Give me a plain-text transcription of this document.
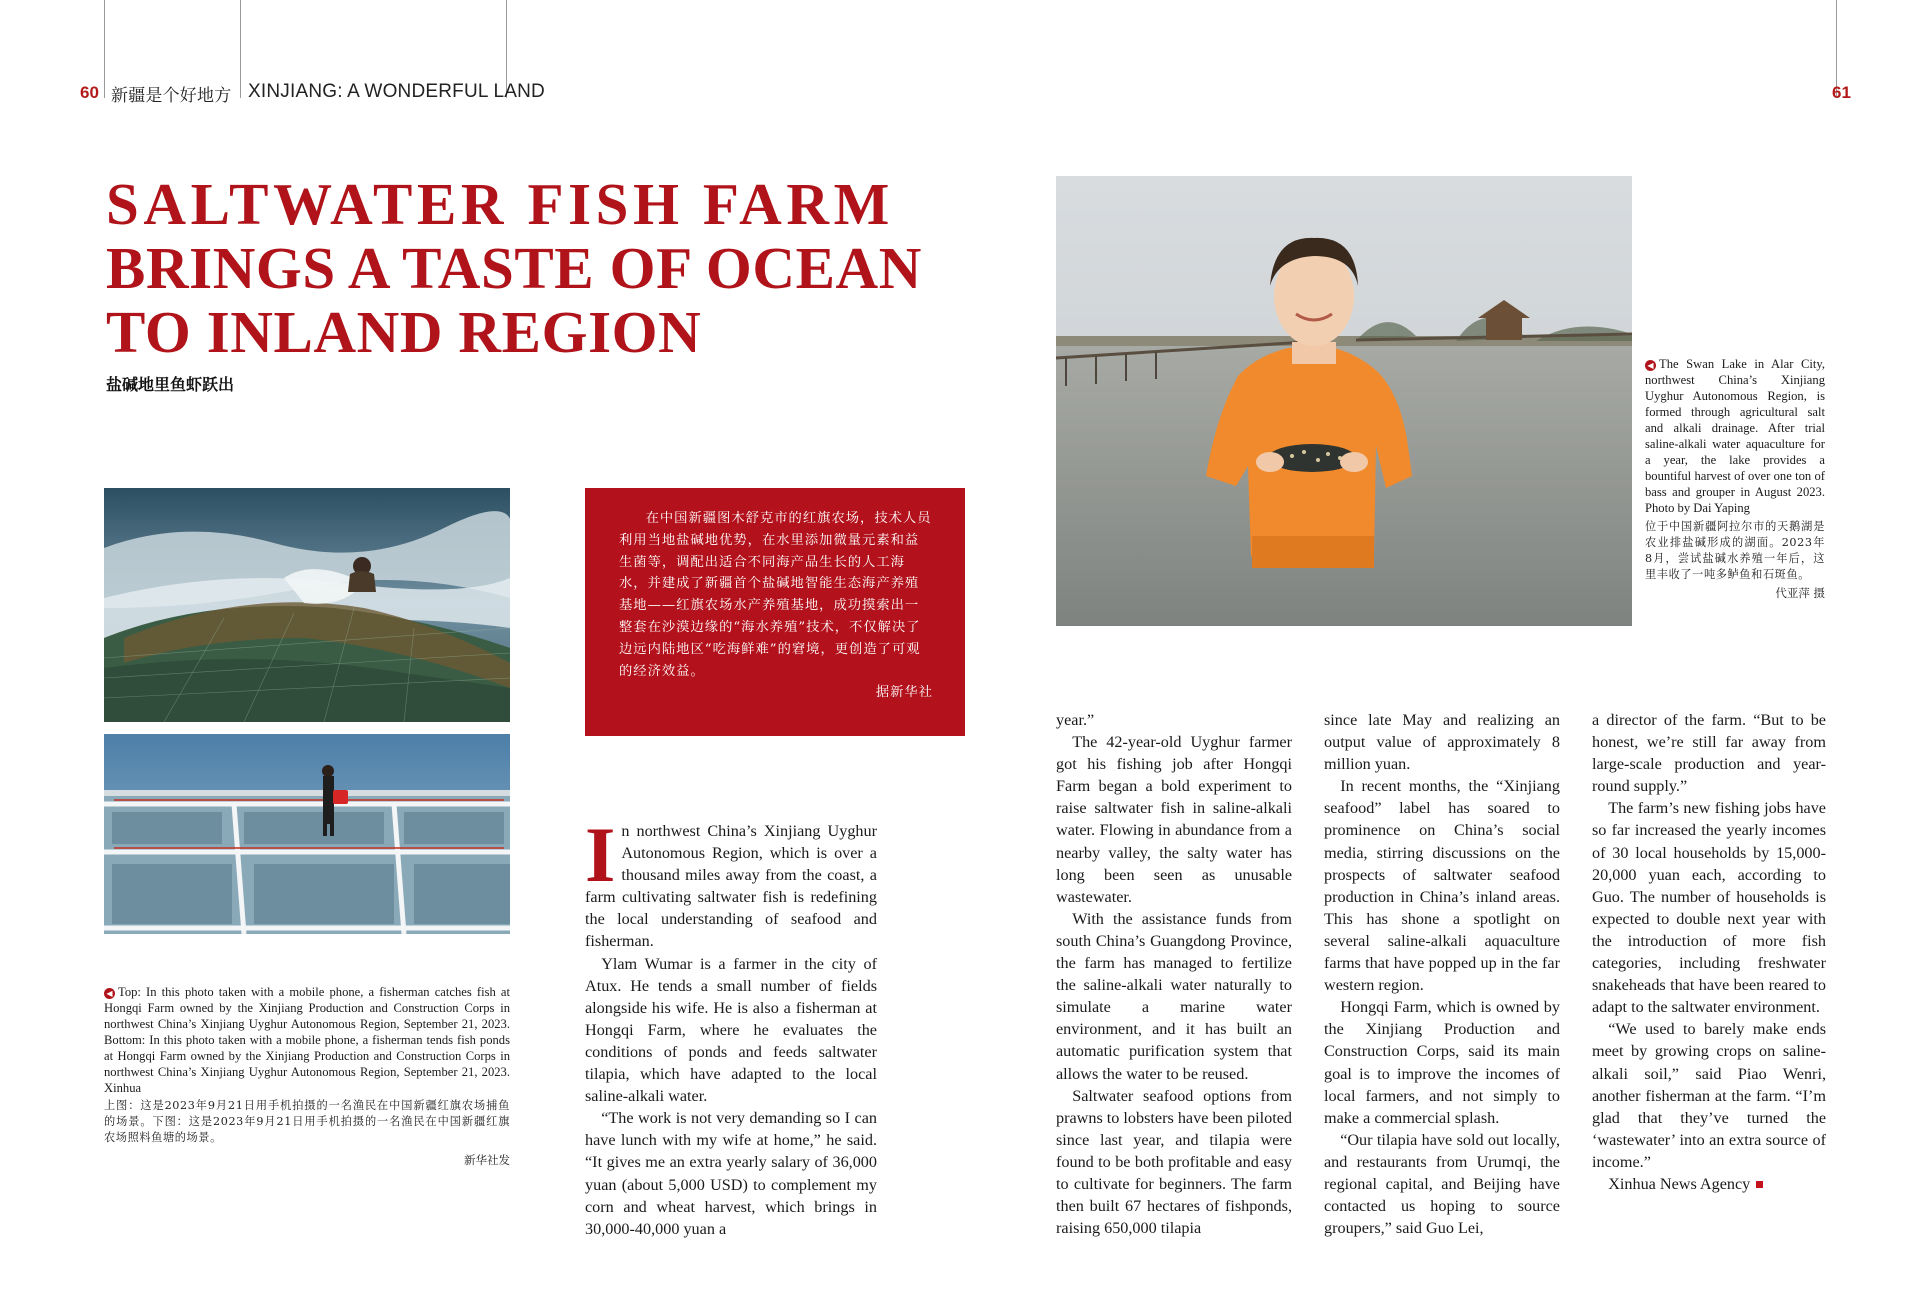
60 新疆是个好地方 XINJIANG: A WONDERFUL LAND	61
SALTWATER FISH FARM
BRINGS A TASTE OF OCEAN
TO INLAND REGION
盐碱地里鱼虾跃出
◀ Top: In this photo taken with a mobile phone, a fisherman catches fish at Hongqi Farm owned by the Xinjiang Production and Construction Corps in northwest China’s Xinjiang Uyghur Autonomous Region, September 21, 2023. Bottom: In this photo taken with a mobile phone, a fisherman tends fish ponds at Hongqi Farm owned by the Xinjiang Production and Construction Corps in northwest China’s Xinjiang Uyghur Autonomous Region, September 21, 2023. Xinhua
上图：这是2023年9月21日用手机拍摄的一名渔民在中国新疆红旗农场捕鱼的场景。下图：这是2023年9月21日用手机拍摄的一名渔民在中国新疆红旗农场照料鱼塘的场景。
新华社发

在中国新疆图木舒克市的红旗农场，技术人员利用当地盐碱地优势，在水里添加微量元素和益生菌等，调配出适合不同海产品生长的人工海水，并建成了新疆首个盐碱地智能生态海产养殖基地——红旗农场水产养殖基地，成功摸索出一整套在沙漠边缘的“海水养殖”技术，不仅解决了边远内陆地区“吃海鲜难”的窘境，更创造了可观的经济效益。

据新华社

◀ The Swan Lake in Alar City, northwest China’s Xinjiang Uyghur Autonomous Region, is formed through agricultural salt and alkali drainage. After trial saline-alkali water aquaculture for a year, the lake provides a bountiful harvest of over one ton of bass and grouper in August 2023. Photo by Dai Yaping
位于中国新疆阿拉尔市的天鹅湖是农业排盐碱形成的湖面。2023年8月，尝试盐碱水养殖一年后，这里丰收了一吨多鲈鱼和石斑鱼。
代亚萍 摄

In northwest China’s Xinjiang Uyghur Autonomous Region, which is over a thousand miles away from the coast, a farm cultivating saltwater fish is redefining the local understanding of seafood and fisherman.

Ylam Wumar is a farmer in the city of Atux. He tends a small number of fields alongside his wife. He is also a fisherman at Hongqi Farm, where he evaluates the conditions of ponds and feeds saltwater tilapia, which have adapted to the local saline-alkali water.

“The work is not very demanding so I can have lunch with my wife at home,” he said. “It gives me an extra yearly salary of 36,000 yuan (about 5,000 USD) to complement my corn and wheat harvest, which brings in 30,000-40,000 yuan a

year.”

The 42-year-old Uyghur farmer got his fishing job after Hongqi Farm began a bold experiment to raise saltwater fish in saline-alkali water. Flowing in abundance from a nearby valley, the salty water has long been seen as unusable wastewater.

With the assistance funds from south China’s Guangdong Province, the farm has managed to fertilize the saline-alkali water naturally to simulate a marine water environment, and it has built an automatic purification system that allows the water to be reused.

Saltwater seafood options from prawns to lobsters have been piloted since last year, and tilapia were found to be both profitable and easy to cultivate for beginners. The farm then built 67 hectares of fishponds, raising 650,000 tilapia

since late May and realizing an output value of approximately 8 million yuan.

In recent months, the “Xinjiang seafood” label has soared to prominence on China’s social media, stirring discussions on the prospects of saltwater seafood production in China’s inland areas. This has shone a spotlight on several saline-alkali aquaculture farms that have popped up in the far western region.

Hongqi Farm, which is owned by the Xinjiang Production and Construction Corps, said its main goal is to improve the incomes of local farmers, and not simply to make a commercial splash.

“Our tilapia have sold out locally, and restaurants from Urumqi, the regional capital, and Beijing have contacted us hoping to source groupers,” said Guo Lei,

a director of the farm. “But to be honest, we’re still far away from large-scale production and year-round supply.”

The farm’s new fishing jobs have so far increased the yearly incomes of 30 local households by 15,000-20,000 yuan each, according to Guo. The number of households is expected to double next year with the introduction of more fish categories, including freshwater snakeheads that have been reared to adapt to the saltwater environment.

“We used to barely make ends meet by growing crops on saline-alkali soil,” said Piao Wenri, another fisherman at the farm. “I’m glad that they’ve turned the ‘wastewater’ into an extra source of income.”

Xinhua News Agency
